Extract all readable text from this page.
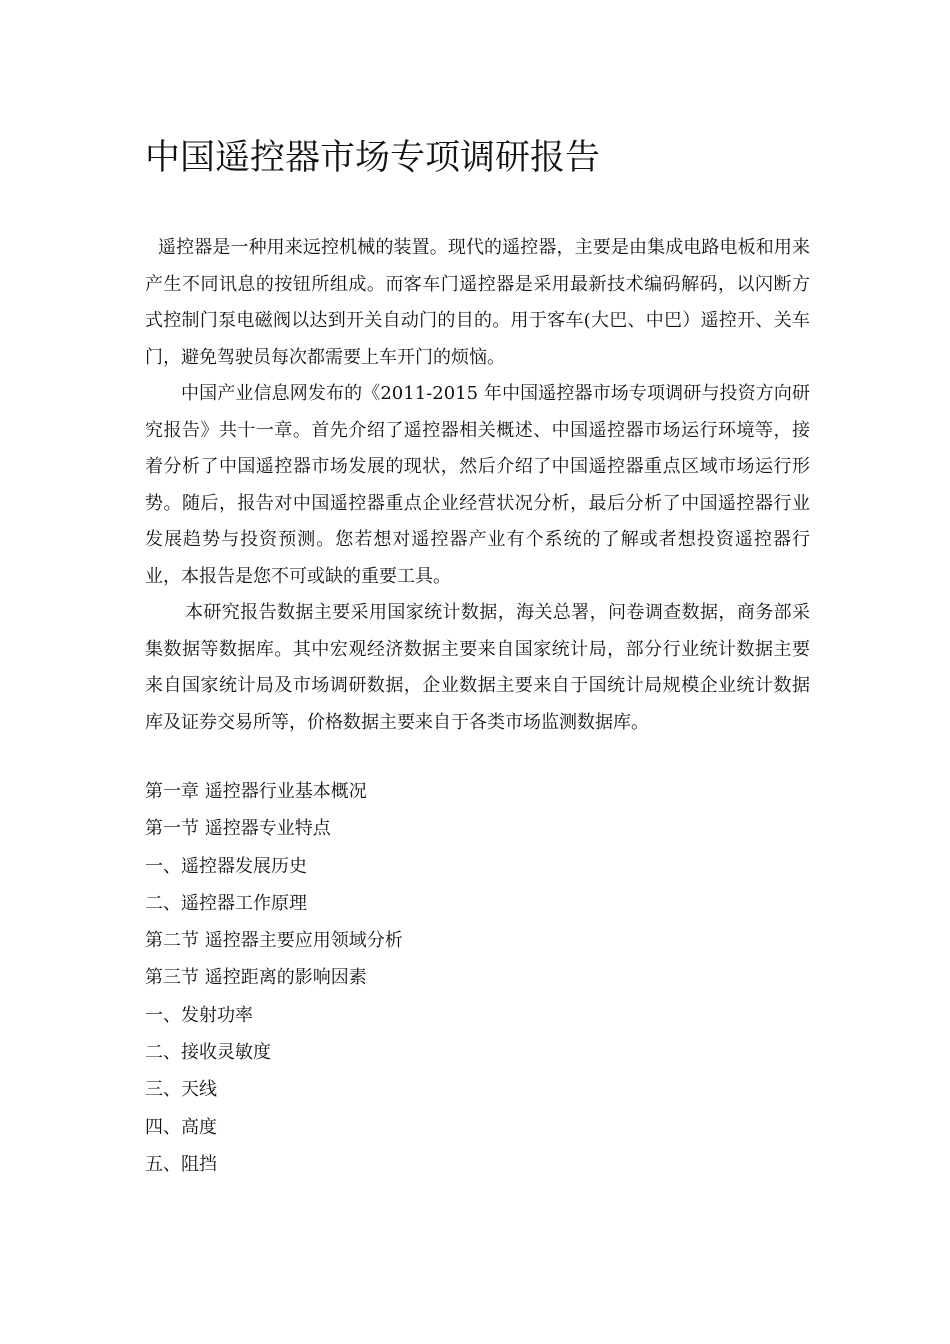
中国遥控器市场专项调研报告

遥控器是一种用来远控机械的装置。现代的遥控器，主要是由集成电路电板和用来产生不同讯息的按钮所组成。而客车门遥控器是采用最新技术编码解码，以闪断方式控制门泵电磁阀以达到开关自动门的目的。用于客车(大巴、中巴）遥控开、关车门，避免驾驶员每次都需要上车开门的烦恼。

中国产业信息网发布的《2011-2015 年中国遥控器市场专项调研与投资方向研究报告》共十一章。首先介绍了遥控器相关概述、中国遥控器市场运行环境等，接着分析了中国遥控器市场发展的现状，然后介绍了中国遥控器重点区域市场运行形势。随后，报告对中国遥控器重点企业经营状况分析，最后分析了中国遥控器行业发展趋势与投资预测。您若想对遥控器产业有个系统的了解或者想投资遥控器行业，本报告是您不可或缺的重要工具。

本研究报告数据主要采用国家统计数据，海关总署，问卷调查数据，商务部采集数据等数据库。其中宏观经济数据主要来自国家统计局，部分行业统计数据主要来自国家统计局及市场调研数据，企业数据主要来自于国统计局规模企业统计数据库及证券交易所等，价格数据主要来自于各类市场监测数据库。

第一章 遥控器行业基本概况
第一节 遥控器专业特点
一、遥控器发展历史
二、遥控器工作原理
第二节 遥控器主要应用领域分析
第三节 遥控距离的影响因素
一、发射功率
二、接收灵敏度
三、天线
四、高度
五、阻挡
